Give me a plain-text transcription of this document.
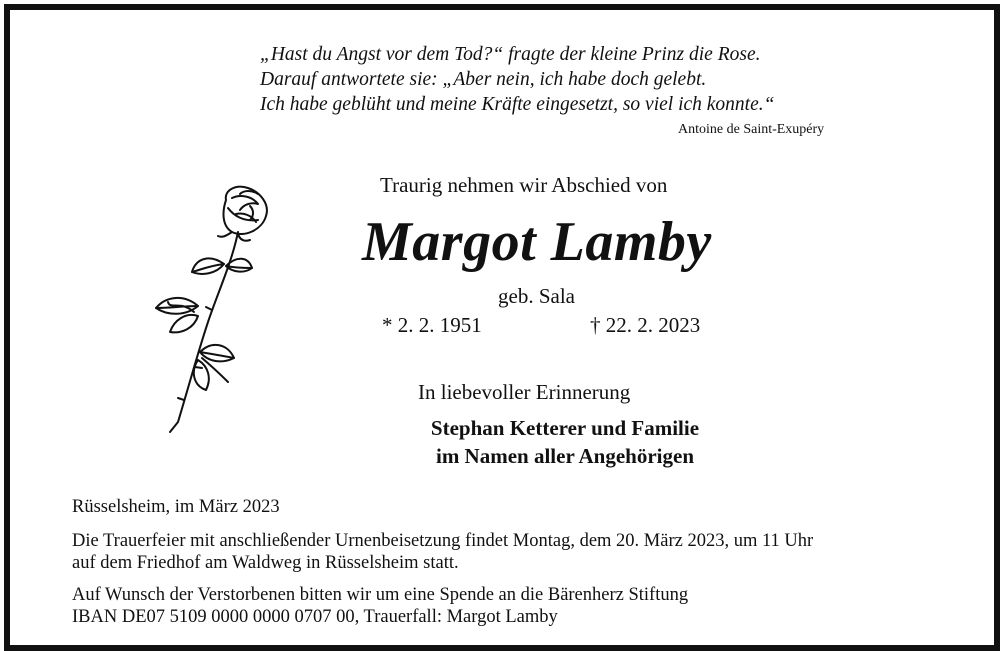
„Hast du Angst vor dem Tod?“ fragte der kleine Prinz die Rose.
Darauf antwortete sie: „Aber nein, ich habe doch gelebt.
Ich habe geblüht und meine Kräfte eingesetzt, so viel ich konnte.“
Antoine de Saint-Exupéry
Traurig nehmen wir Abschied von
Margot Lamby
geb. Sala
* 2. 2. 1951	† 22. 2. 2023
In liebevoller Erinnerung
Stephan Ketterer und Familie
im Namen aller Angehörigen
Rüsselsheim, im März 2023
Die Trauerfeier mit anschließender Urnenbeisetzung findet Montag, dem 20. März 2023, um 11 Uhr
auf dem Friedhof am Waldweg in Rüsselsheim statt.
Auf Wunsch der Verstorbenen bitten wir um eine Spende an die Bärenherz Stiftung
IBAN DE07 5109 0000 0000 0707 00, Trauerfall: Margot Lamby
